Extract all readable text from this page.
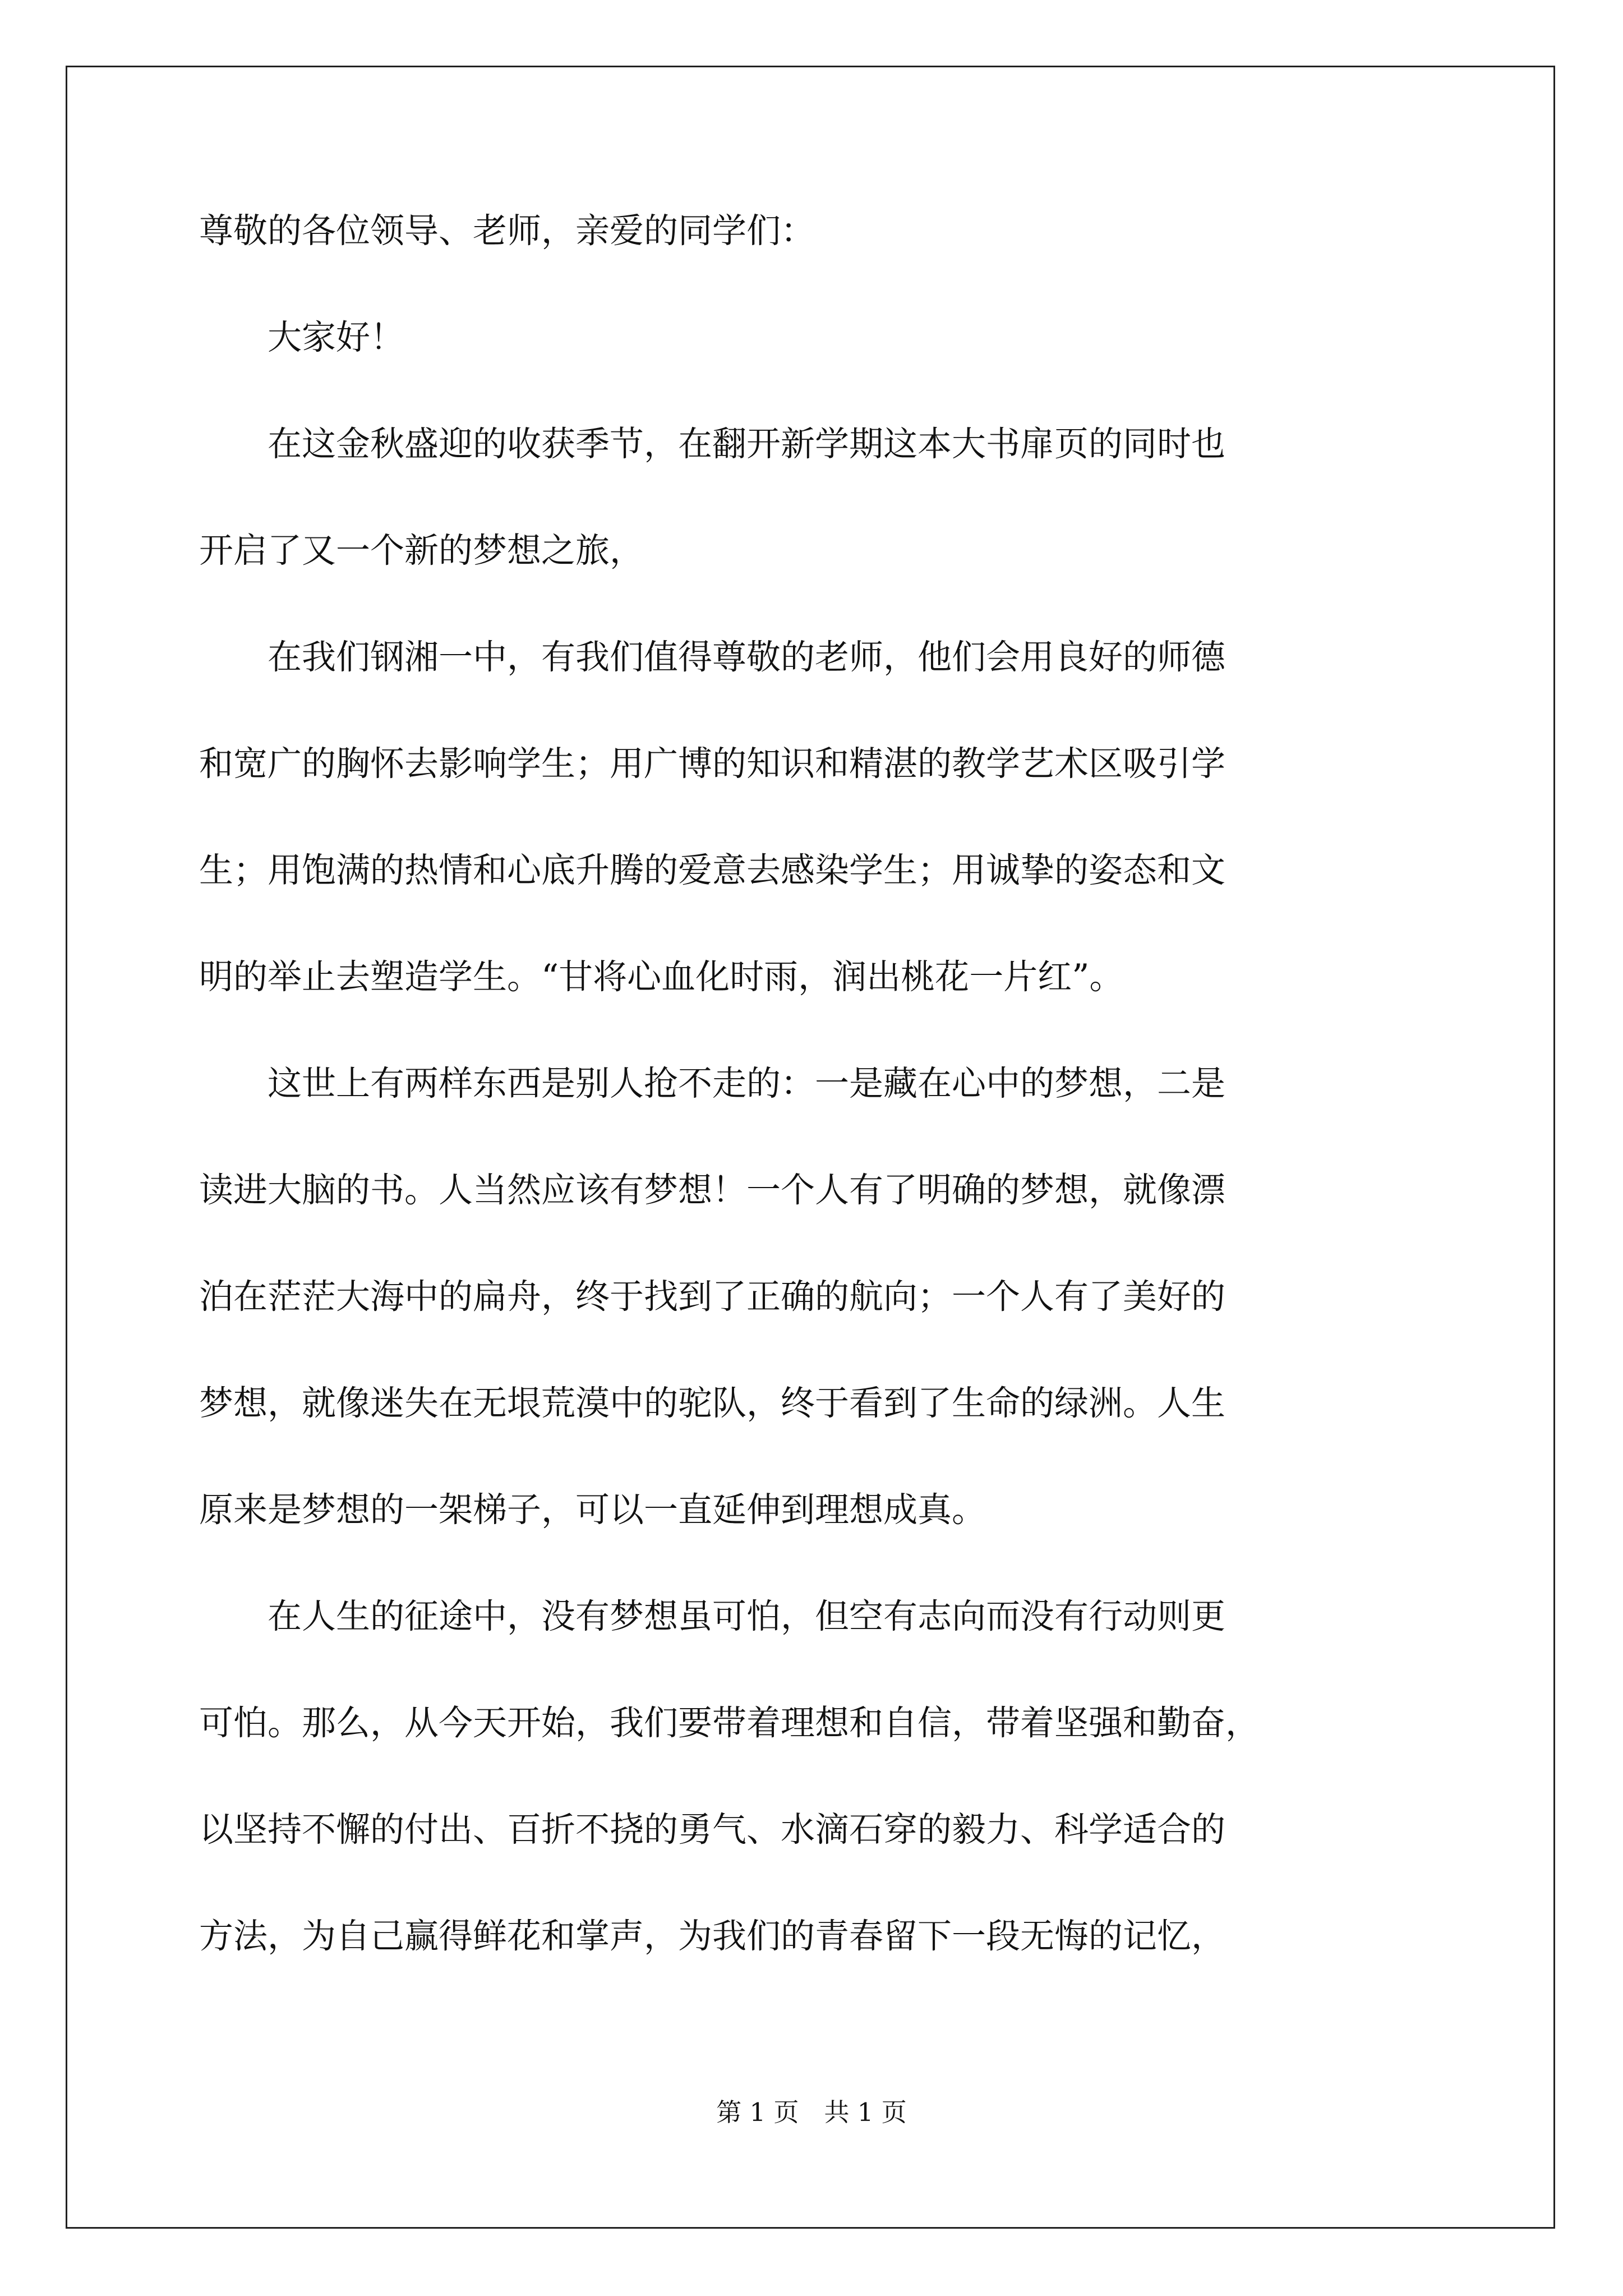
尊敬的各位领导、老师，亲爱的同学们：
　　大家好！
　　在这金秋盛迎的收获季节，在翻开新学期这本大书扉页的同时也
开启了又一个新的梦想之旅，
　　在我们钢湘一中，有我们值得尊敬的老师，他们会用良好的师德
和宽广的胸怀去影响学生；用广博的知识和精湛的教学艺术区吸引学
生；用饱满的热情和心底升腾的爱意去感染学生；用诚挚的姿态和文
明的举止去塑造学生。“甘将心血化时雨，润出桃花一片红”。
　　这世上有两样东西是别人抢不走的：一是藏在心中的梦想，二是
读进大脑的书。人当然应该有梦想！一个人有了明确的梦想，就像漂
泊在茫茫大海中的扁舟，终于找到了正确的航向；一个人有了美好的
梦想，就像迷失在无垠荒漠中的驼队，终于看到了生命的绿洲。人生
原来是梦想的一架梯子，可以一直延伸到理想成真。
　　在人生的征途中，没有梦想虽可怕，但空有志向而没有行动则更
可怕。那么，从今天开始，我们要带着理想和自信，带着坚强和勤奋，
以坚持不懈的付出、百折不挠的勇气、水滴石穿的毅力、科学适合的
方法，为自己赢得鲜花和掌声，为我们的青春留下一段无悔的记忆，
第 1 页　共 1 页
